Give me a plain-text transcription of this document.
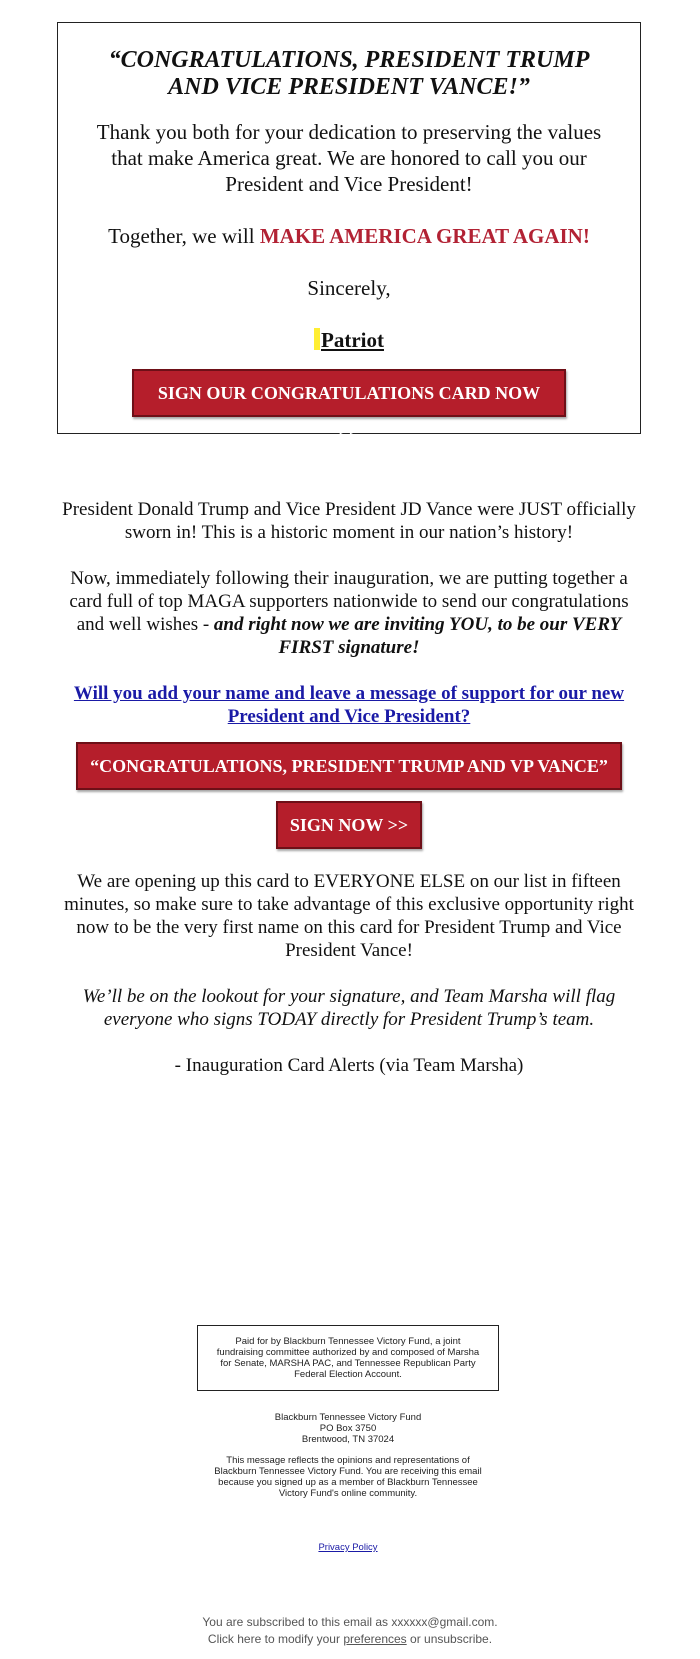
“CONGRATULATIONS, PRESIDENT TRUMP AND VICE PRESIDENT VANCE!”

Thank you both for your dedication to preserving the values that make America great. We are honored to call you our President and Vice President!

Together, we will MAKE AMERICA GREAT AGAIN!

Sincerely,

Patriot
SIGN OUR CONGRATULATIONS CARD NOW >>

President Donald Trump and Vice President JD Vance were JUST officially sworn in! This is a historic moment in our nation’s history!

Now, immediately following their inauguration, we are putting together a card full of top MAGA supporters nationwide to send our congratulations and well wishes - and right now we are inviting YOU, to be our VERY FIRST signature!

Will you add your name and leave a message of support for our new President and Vice President?
“CONGRATULATIONS, PRESIDENT TRUMP AND VP VANCE”
SIGN NOW >>

We are opening up this card to EVERYONE ELSE on our list in fifteen minutes, so make sure to take advantage of this exclusive opportunity right now to be the very first name on this card for President Trump and Vice President Vance!

We’ll be on the lookout for your signature, and Team Marsha will flag everyone who signs TODAY directly for President Trump’s team.

- Inauguration Card Alerts (via Team Marsha)

Paid for by Blackburn Tennessee Victory Fund, a joint fundraising committee authorized by and composed of Marsha for Senate, MARSHA PAC, and Tennessee Republican Party Federal Election Account.
Blackburn Tennessee Victory Fund
PO Box 3750
Brentwood, TN 37024
This message reflects the opinions and representations of Blackburn Tennessee Victory Fund. You are receiving this email because you signed up as a member of Blackburn Tennessee Victory Fund's online community.
Privacy Policy
You are subscribed to this email as xxxxxx@gmail.com.
Click here to modify your preferences or unsubscribe.
